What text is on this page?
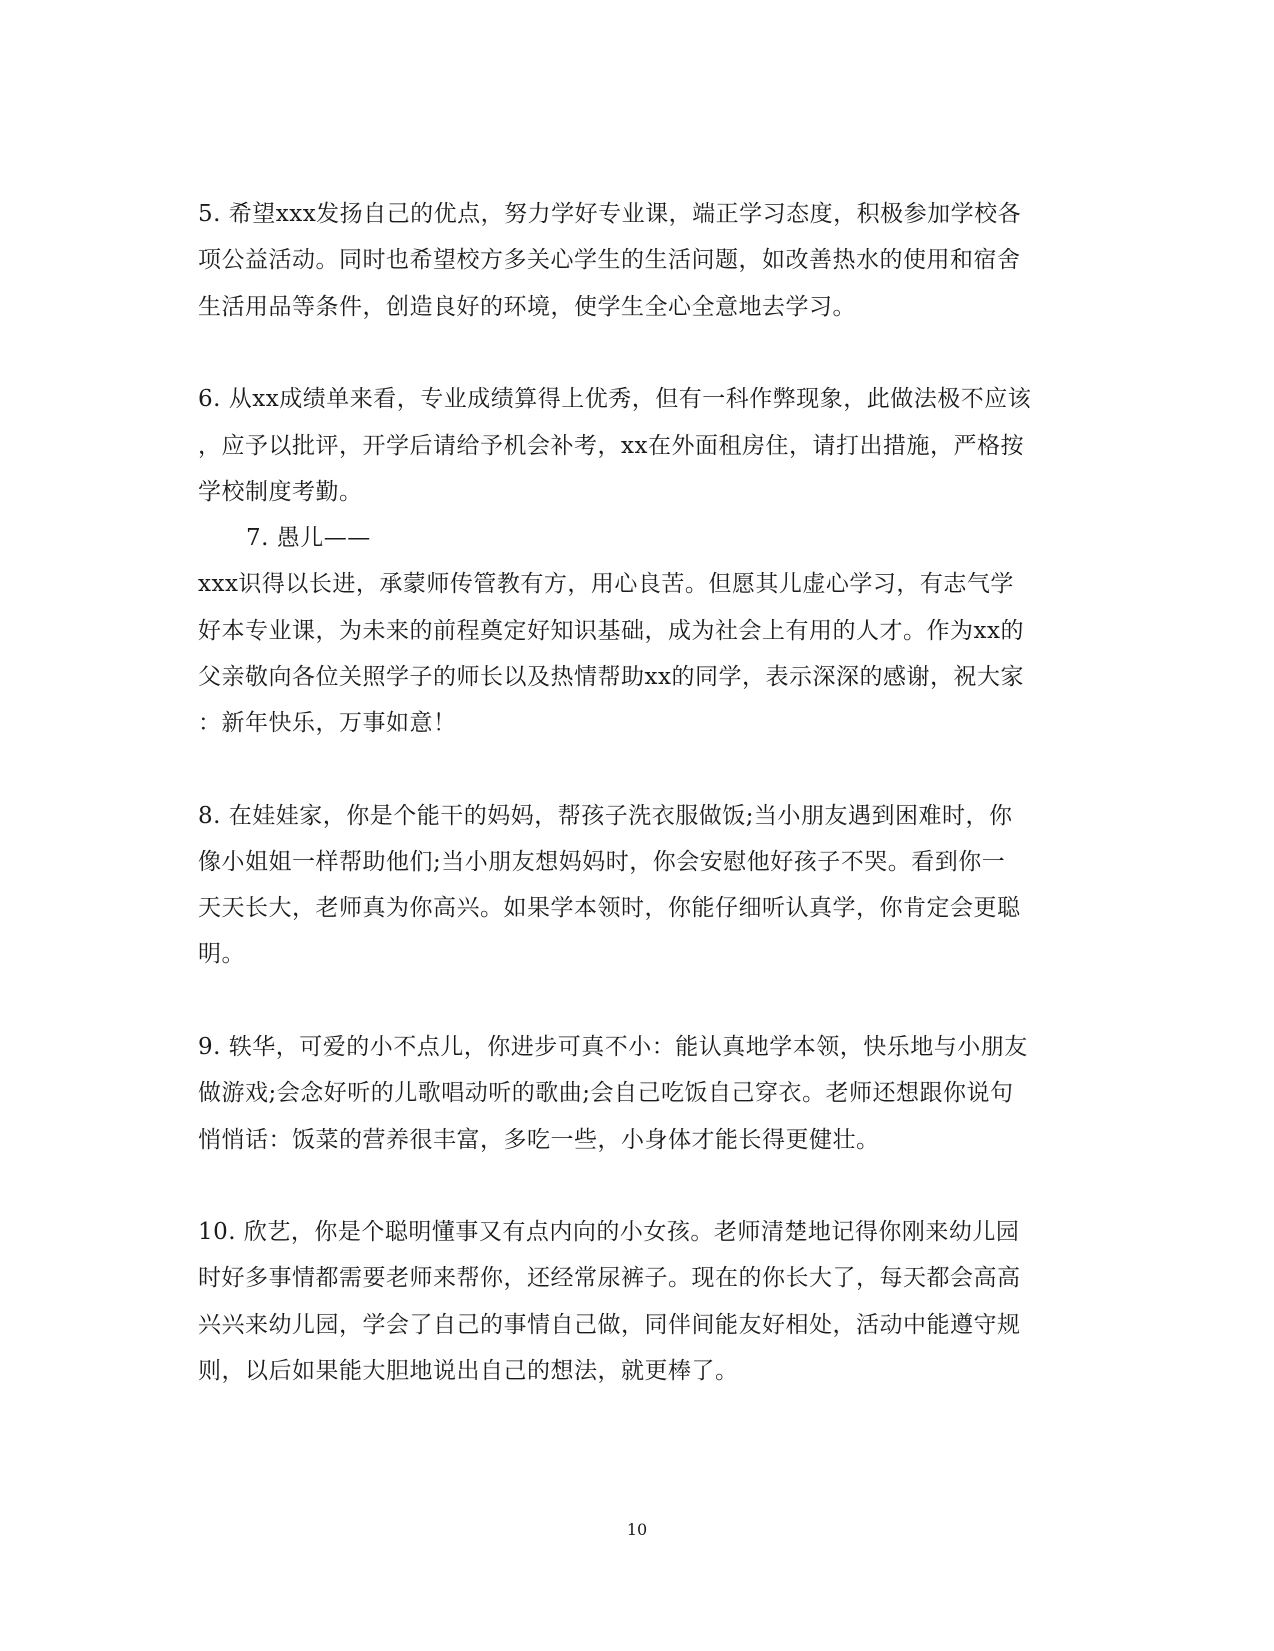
5. 希望xxx发扬自己的优点，努力学好专业课，端正学习态度，积极参加学校各
项公益活动。同时也希望校方多关心学生的生活问题，如改善热水的使用和宿舍
生活用品等条件，创造良好的环境，使学生全心全意地去学习。
6. 从xx成绩单来看，专业成绩算得上优秀，但有一科作弊现象，此做法极不应该
，应予以批评，开学后请给予机会补考，xx在外面租房住，请打出措施，严格按
学校制度考勤。
7. 愚儿——
xxx识得以长进，承蒙师传管教有方，用心良苦。但愿其儿虚心学习，有志气学
好本专业课，为未来的前程奠定好知识基础，成为社会上有用的人才。作为xx的
父亲敬向各位关照学子的师长以及热情帮助xx的同学，表示深深的感谢，祝大家
：新年快乐，万事如意！
8. 在娃娃家，你是个能干的妈妈，帮孩子洗衣服做饭;当小朋友遇到困难时，你
像小姐姐一样帮助他们;当小朋友想妈妈时，你会安慰他好孩子不哭。看到你一
天天长大，老师真为你高兴。如果学本领时，你能仔细听认真学，你肯定会更聪
明。
9. 轶华，可爱的小不点儿，你进步可真不小：能认真地学本领，快乐地与小朋友
做游戏;会念好听的儿歌唱动听的歌曲;会自己吃饭自己穿衣。老师还想跟你说句
悄悄话：饭菜的营养很丰富，多吃一些，小身体才能长得更健壮。
10. 欣艺，你是个聪明懂事又有点内向的小女孩。老师清楚地记得你刚来幼儿园
时好多事情都需要老师来帮你，还经常尿裤子。现在的你长大了，每天都会高高
兴兴来幼儿园，学会了自己的事情自己做，同伴间能友好相处，活动中能遵守规
则，以后如果能大胆地说出自己的想法，就更棒了。
10
